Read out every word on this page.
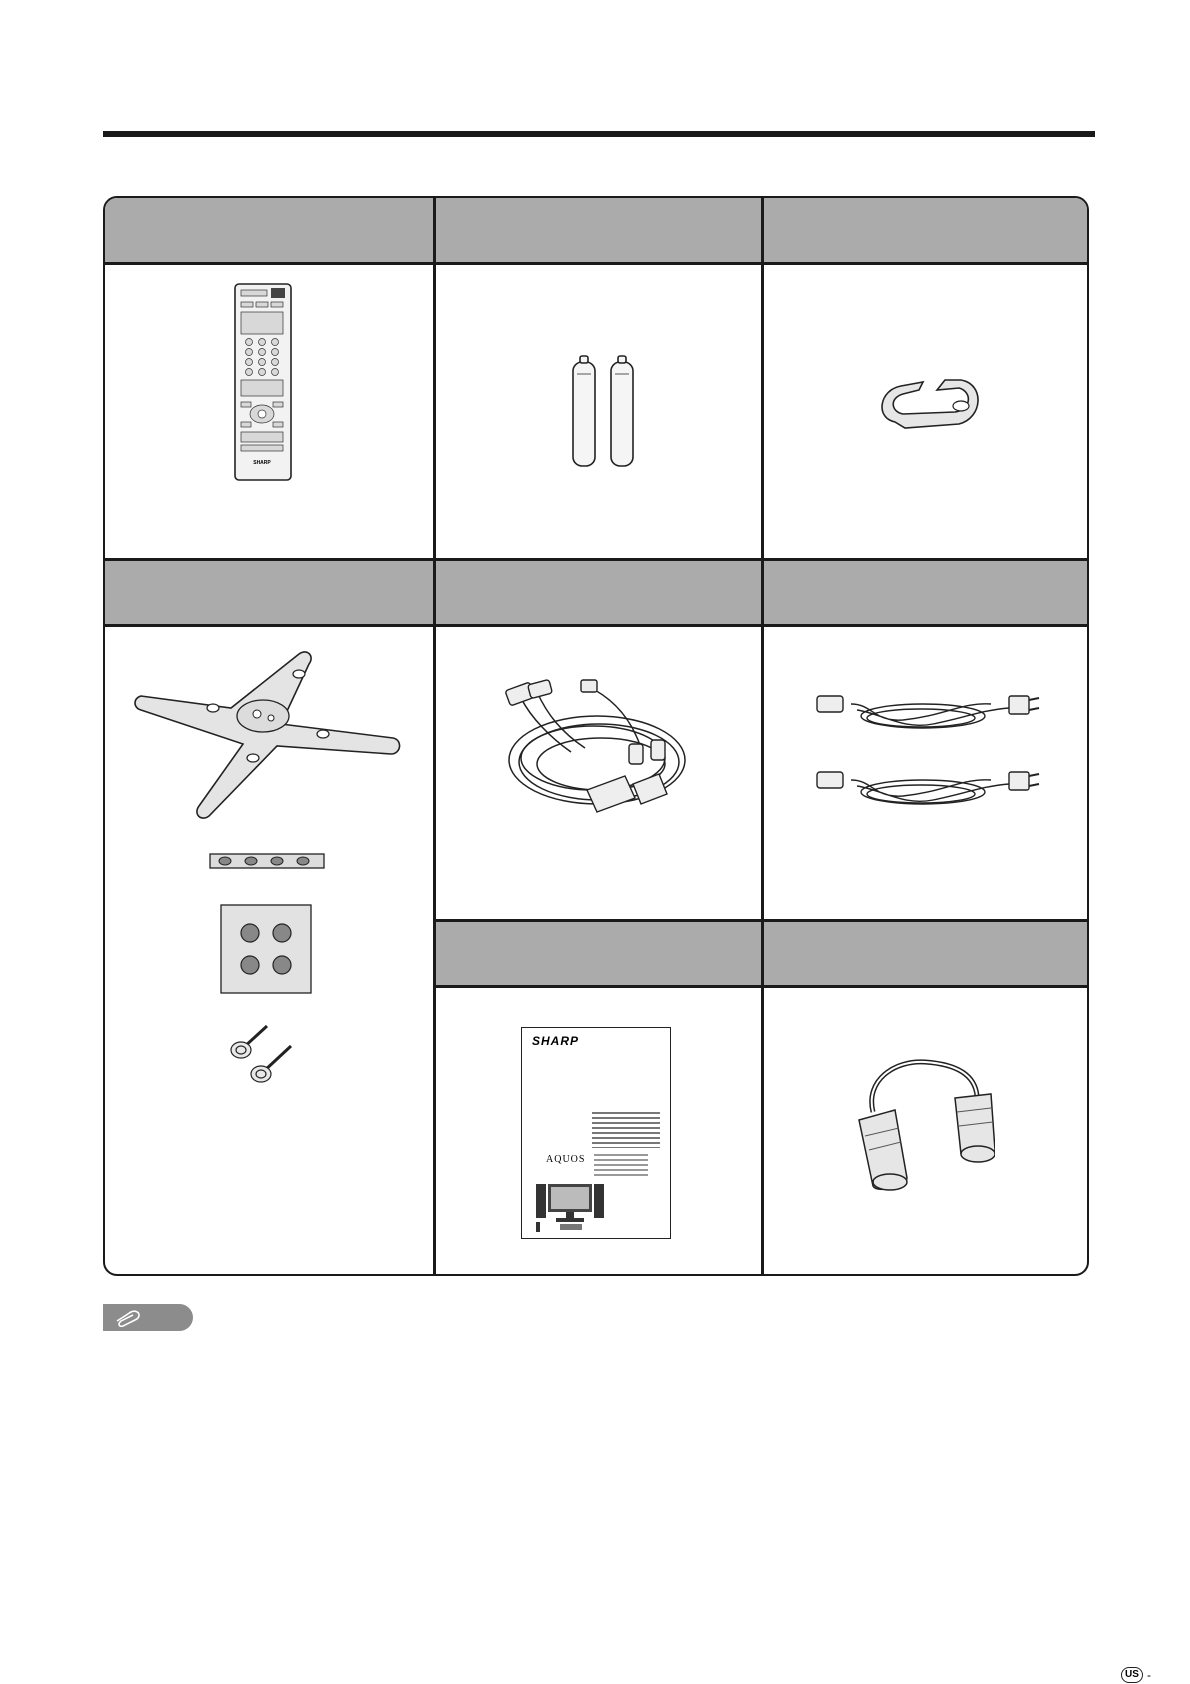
SHARP
SHARP
AQUOS
US -
